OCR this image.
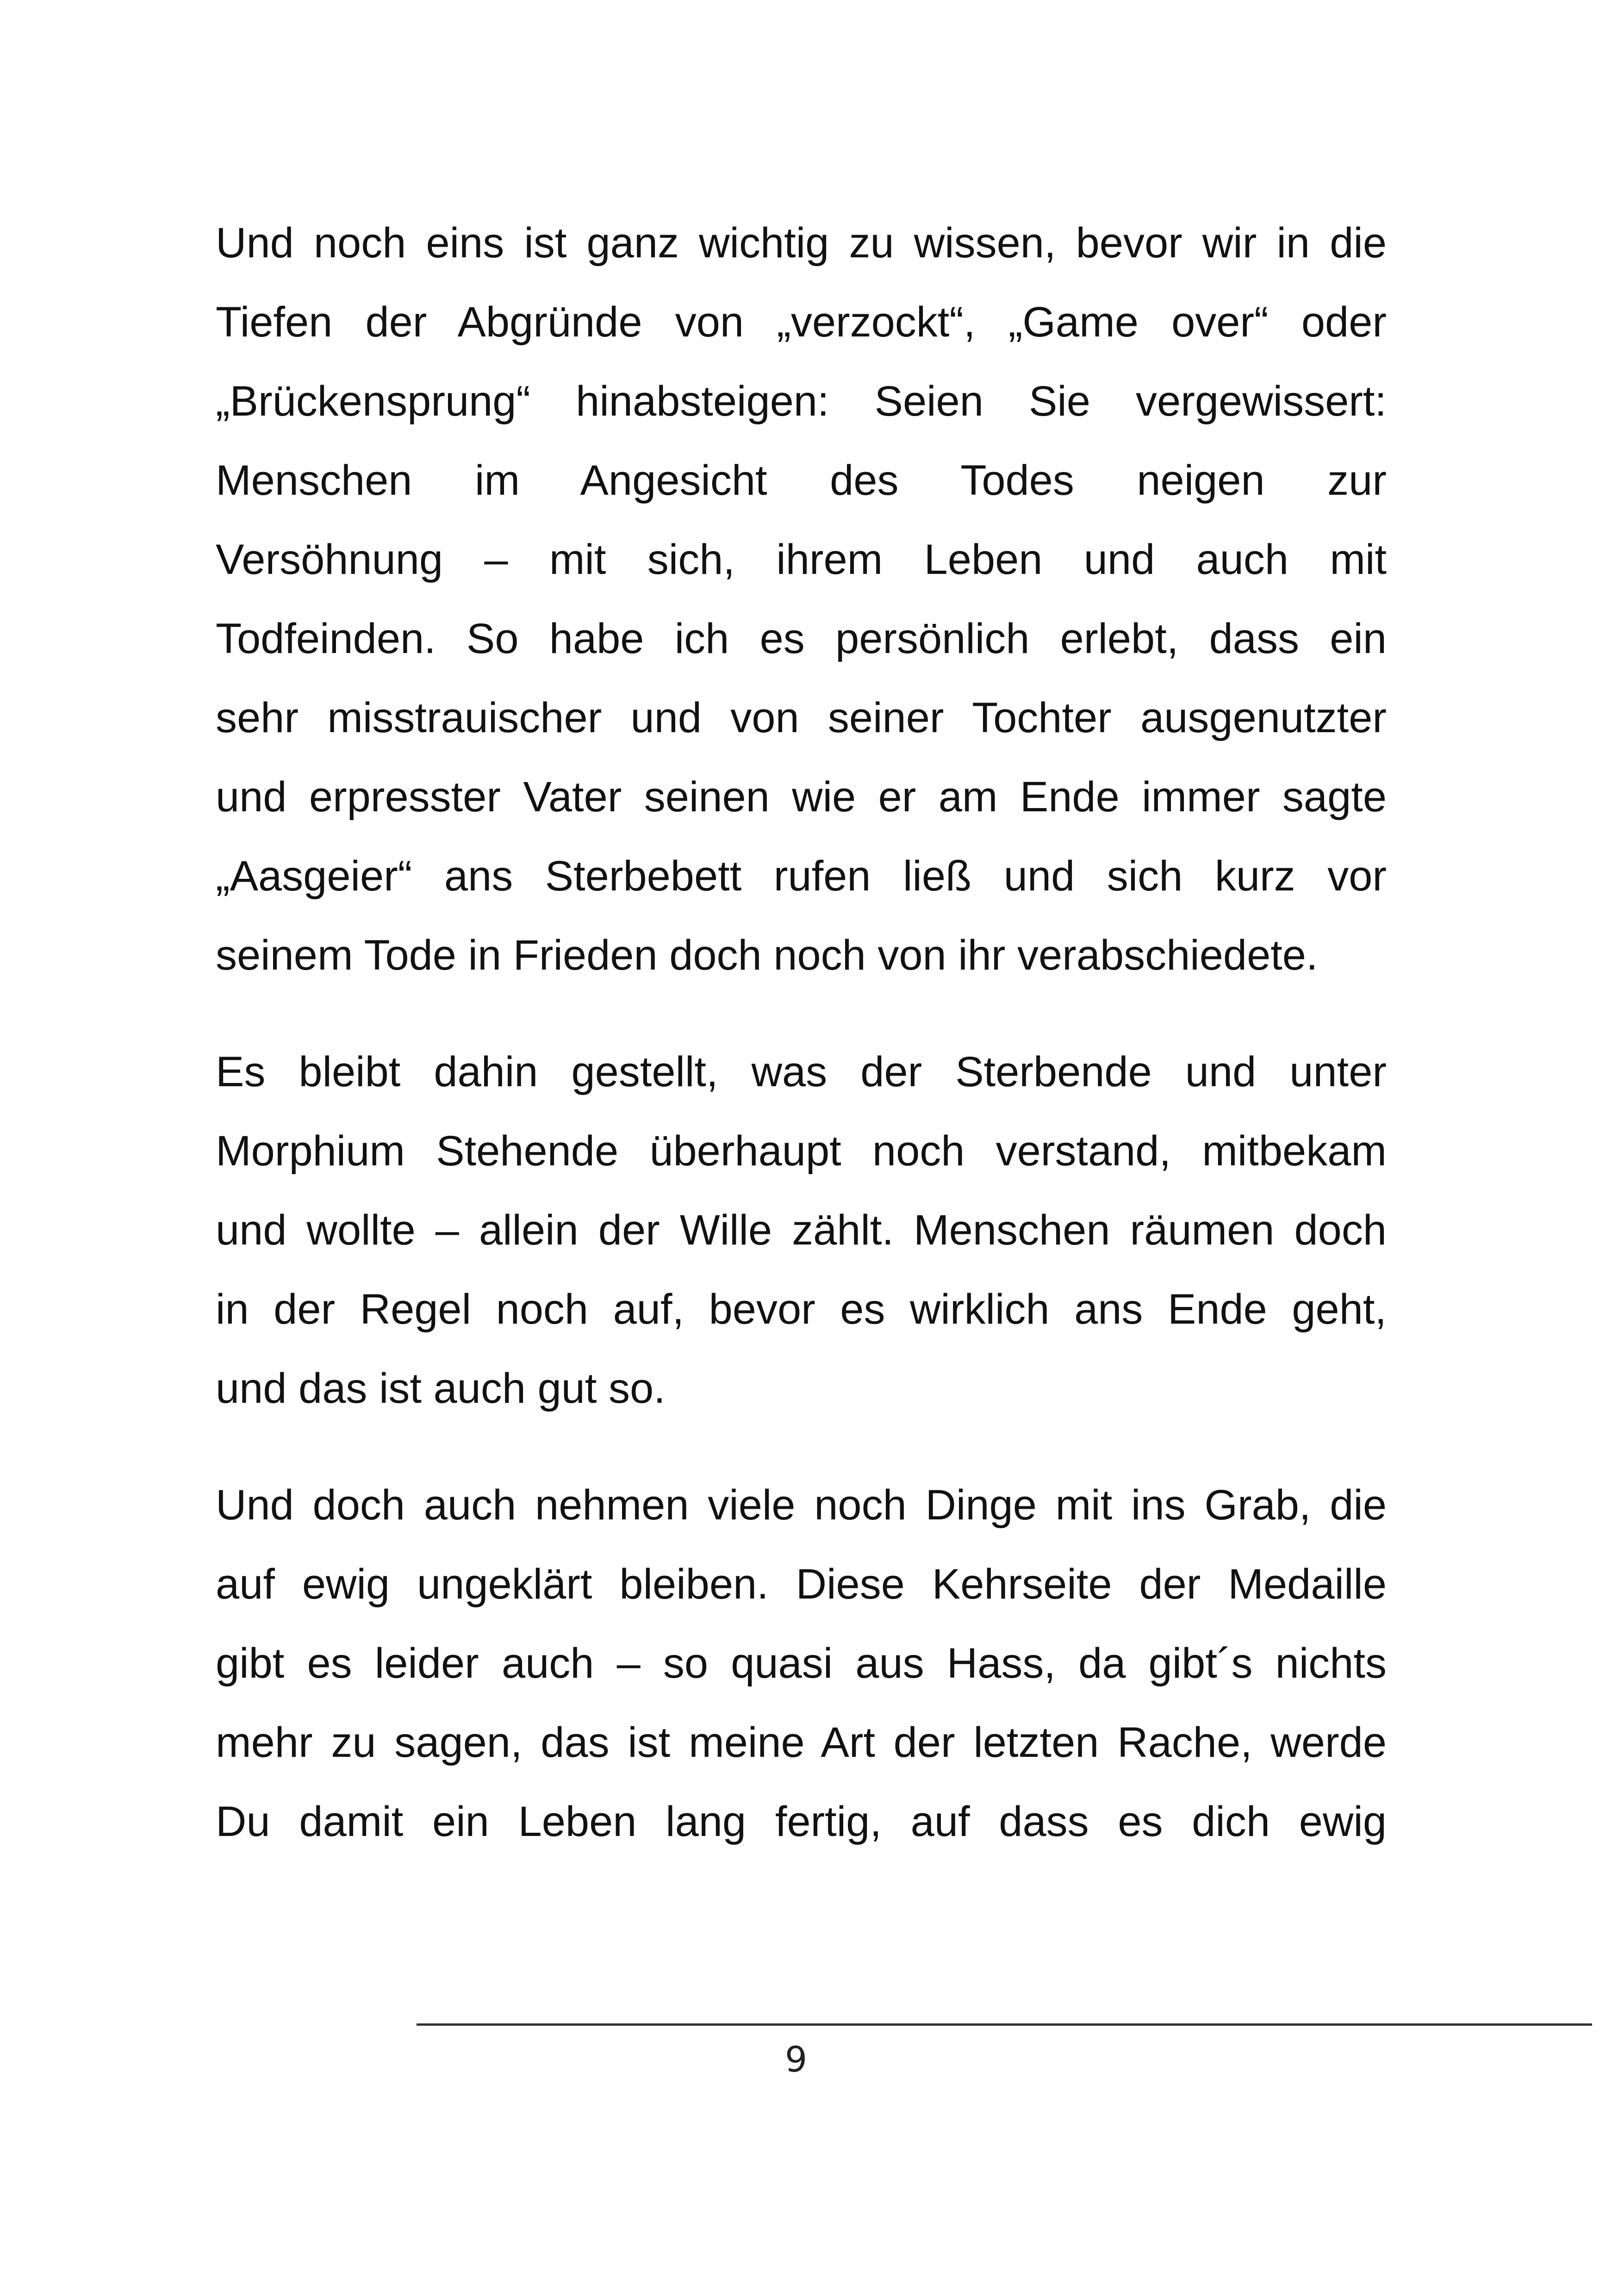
Und noch eins ist ganz wichtig zu wissen, bevor wir in die
Tiefen der Abgründe von „verzockt“, „Game over“ oder
„Brückensprung“ hinabsteigen: Seien Sie vergewissert:
Menschen im Angesicht des Todes neigen zur
Versöhnung – mit sich, ihrem Leben und auch mit
Todfeinden. So habe ich es persönlich erlebt, dass ein
sehr misstrauischer und von seiner Tochter ausgenutzter
und erpresster Vater seinen wie er am Ende immer sagte
„Aasgeier“ ans Sterbebett rufen ließ und sich kurz vor
seinem Tode in Frieden doch noch von ihr verabschiedete.

Es bleibt dahin gestellt, was der Sterbende und unter
Morphium Stehende überhaupt noch verstand, mitbekam
und wollte – allein der Wille zählt. Menschen räumen doch
in der Regel noch auf, bevor es wirklich ans Ende geht,
und das ist auch gut so.

Und doch auch nehmen viele noch Dinge mit ins Grab, die
auf ewig ungeklärt bleiben. Diese Kehrseite der Medaille
gibt es leider auch – so quasi aus Hass, da gibt´s nichts
mehr zu sagen, das ist meine Art der letzten Rache, werde
Du damit ein Leben lang fertig, auf dass es dich ewig

9
